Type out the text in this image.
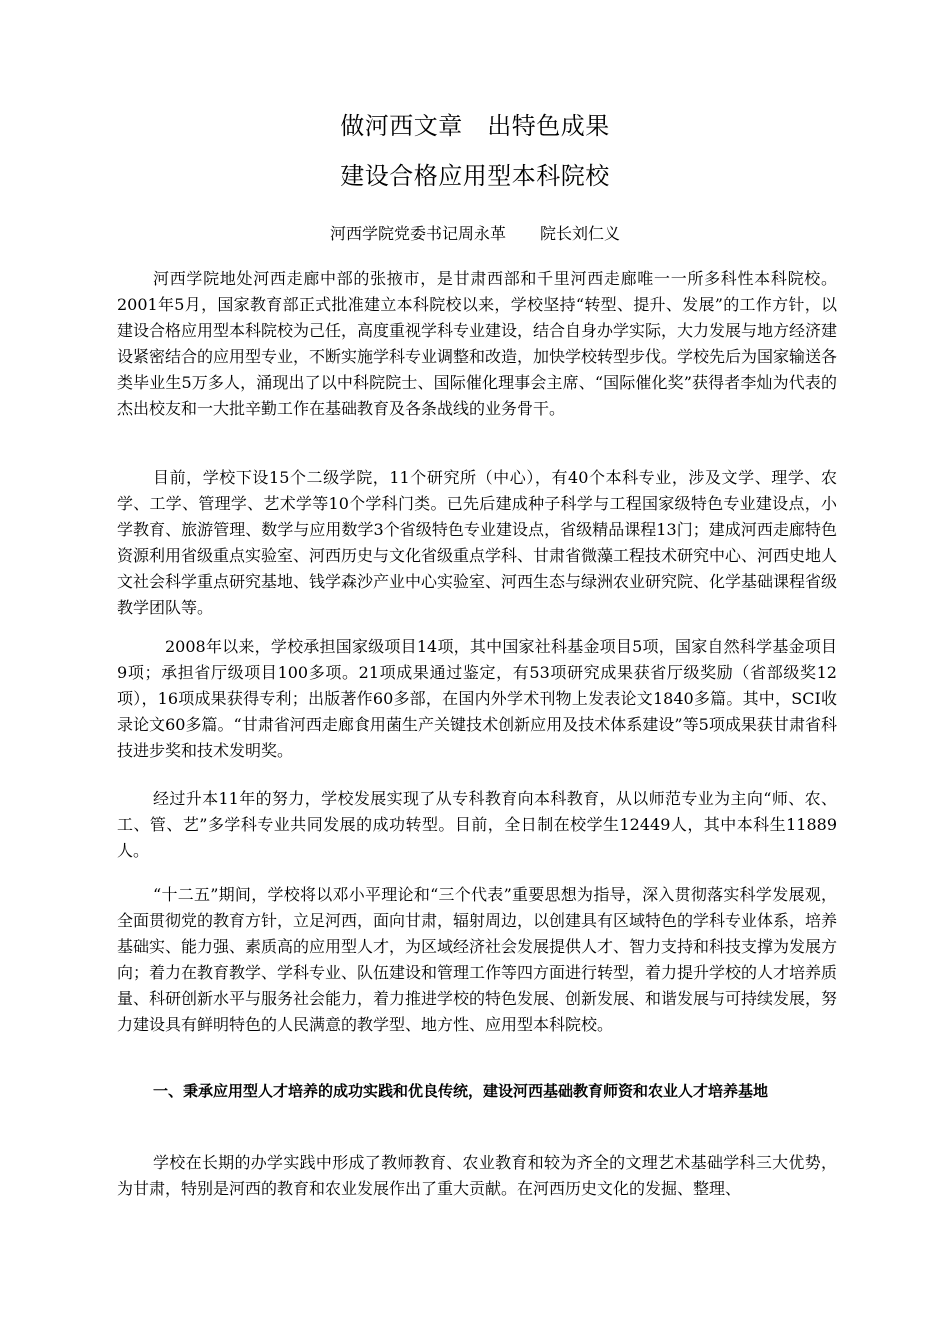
做河西文章　出特色成果
建设合格应用型本科院校
河西学院党委书记周永革 院长刘仁义

河西学院地处河西走廊中部的张掖市，是甘肃西部和千里河西走廊唯一一所多科性本科院校。2001年5月，国家教育部正式批准建立本科院校以来，学校坚持“转型、提升、发展”的工作方针，以建设合格应用型本科院校为己任，高度重视学科专业建设，结合自身办学实际，大力发展与地方经济建设紧密结合的应用型专业，不断实施学科专业调整和改造，加快学校转型步伐。学校先后为国家输送各类毕业生5万多人，涌现出了以中科院院士、国际催化理事会主席、“国际催化奖”获得者李灿为代表的杰出校友和一大批辛勤工作在基础教育及各条战线的业务骨干。

目前，学校下设15个二级学院，11个研究所（中心），有40个本科专业，涉及文学、理学、农学、工学、管理学、艺术学等10个学科门类。已先后建成种子科学与工程国家级特色专业建设点，小学教育、旅游管理、数学与应用数学3个省级特色专业建设点，省级精品课程13门；建成河西走廊特色资源利用省级重点实验室、河西历史与文化省级重点学科、甘肃省微藻工程技术研究中心、河西史地人文社会科学重点研究基地、钱学森沙产业中心实验室、河西生态与绿洲农业研究院、化学基础课程省级教学团队等。

2008年以来，学校承担国家级项目14项，其中国家社科基金项目5项，国家自然科学基金项目9项；承担省厅级项目100多项。21项成果通过鉴定，有53项研究成果获省厅级奖励（省部级奖12项），16项成果获得专利；出版著作60多部，在国内外学术刊物上发表论文1840多篇。其中，SCI收录论文60多篇。“甘肃省河西走廊食用菌生产关键技术创新应用及技术体系建设”等5项成果获甘肃省科技进步奖和技术发明奖。

经过升本11年的努力，学校发展实现了从专科教育向本科教育，从以师范专业为主向“师、农、工、管、艺”多学科专业共同发展的成功转型。目前，全日制在校学生12449人，其中本科生11889人。

“十二五”期间，学校将以邓小平理论和“三个代表”重要思想为指导，深入贯彻落实科学发展观，全面贯彻党的教育方针，立足河西，面向甘肃，辐射周边，以创建具有区域特色的学科专业体系，培养基础实、能力强、素质高的应用型人才，为区域经济社会发展提供人才、智力支持和科技支撑为发展方向；着力在教育教学、学科专业、队伍建设和管理工作等四方面进行转型，着力提升学校的人才培养质量、科研创新水平与服务社会能力，着力推进学校的特色发展、创新发展、和谐发展与可持续发展，努力建设具有鲜明特色的人民满意的教学型、地方性、应用型本科院校。

一、秉承应用型人才培养的成功实践和优良传统，建设河西基础教育师资和农业人才培养基地

学校在长期的办学实践中形成了教师教育、农业教育和较为齐全的文理艺术基础学科三大优势，为甘肃，特别是河西的教育和农业发展作出了重大贡献。在河西历史文化的发掘、整理、
